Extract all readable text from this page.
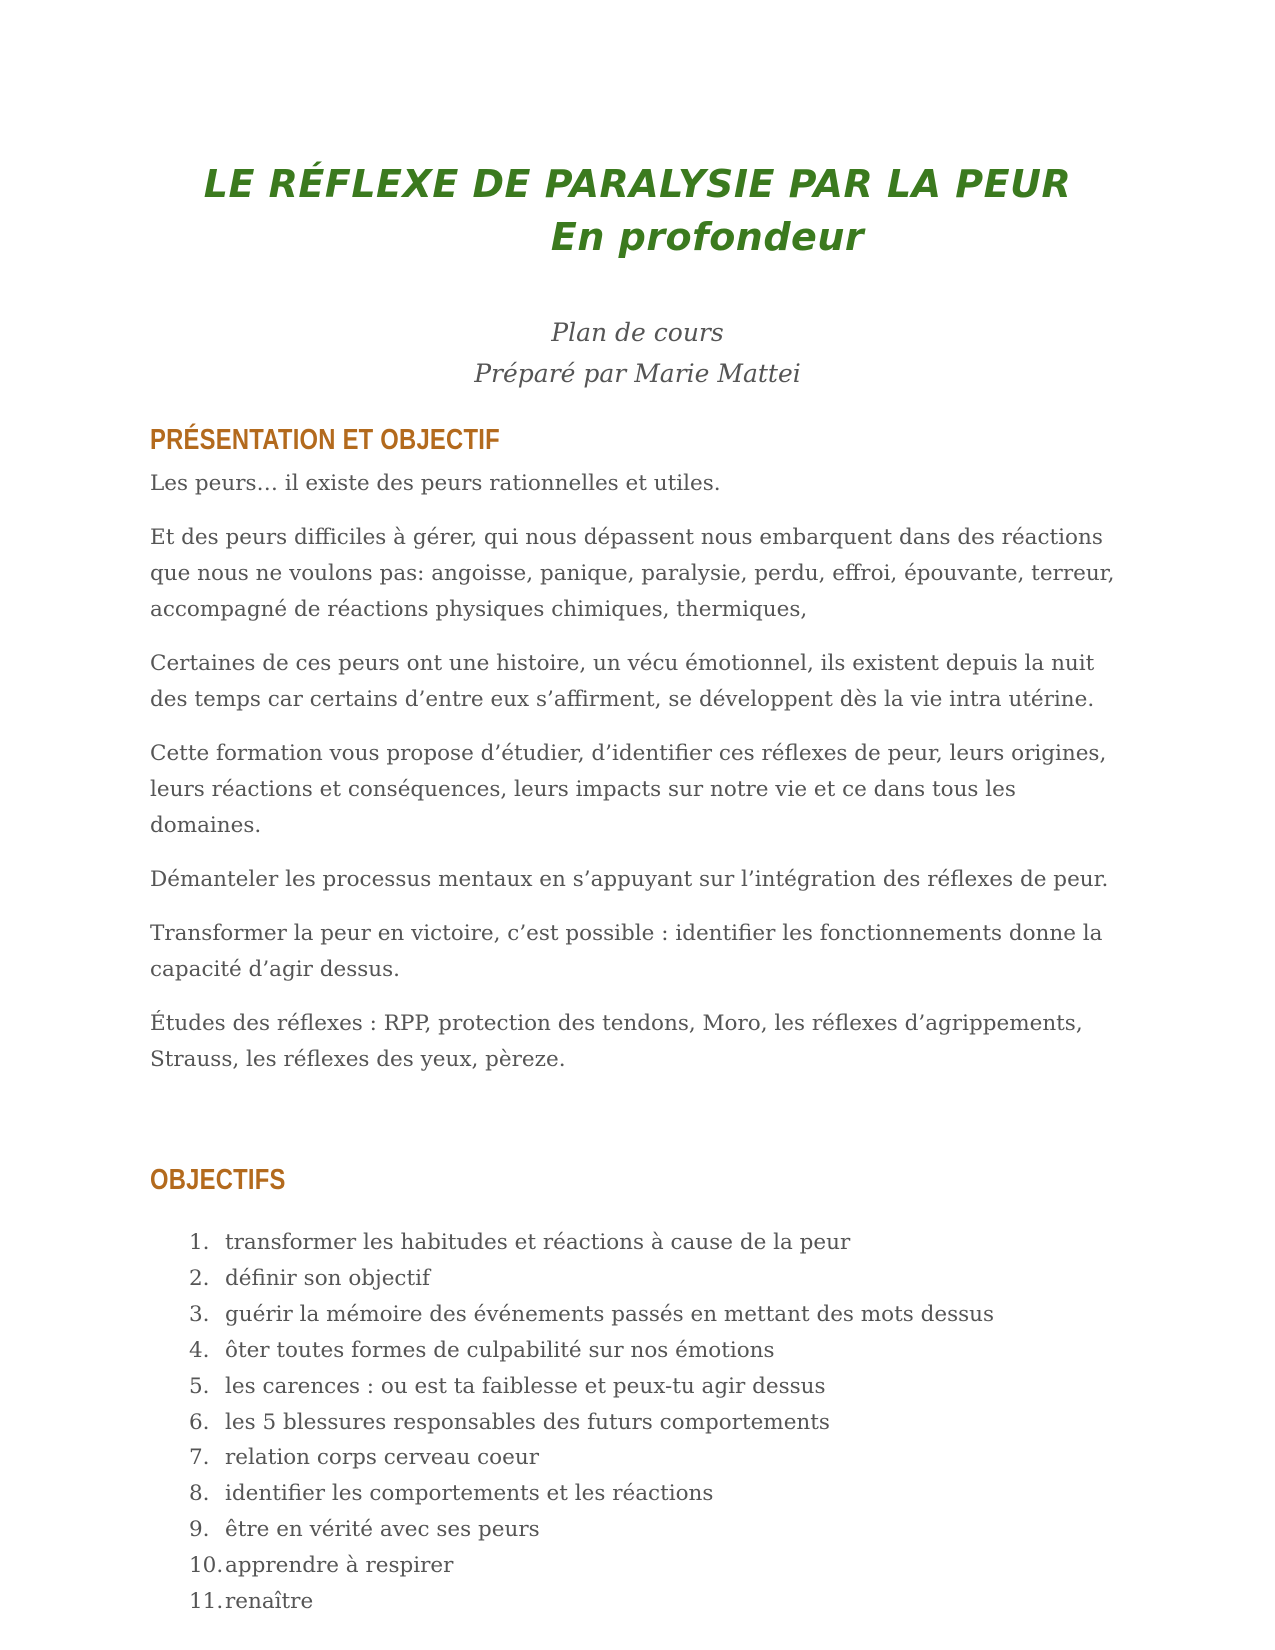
LE RÉFLEXE DE PARALYSIE PAR LA PEUR
En profondeur

Plan de cours

Préparé par Marie Mattei

PRÉSENTATION ET OBJECTIF

Les peurs… il existe des peurs rationnelles et utiles.

Et des peurs difficiles à gérer, qui nous dépassent nous embarquent dans des réactions que nous ne voulons pas: angoisse, panique, paralysie, perdu, effroi, épouvante, terreur, accompagné de réactions physiques chimiques, thermiques,

Certaines de ces peurs ont une histoire, un vécu émotionnel, ils existent depuis la nuit des temps car certains d’entre eux s’affirment, se développent dès la vie intra utérine.

Cette formation vous propose d’étudier, d’identifier ces réflexes de peur, leurs origines, leurs réactions et conséquences, leurs impacts sur notre vie et ce dans tous les domaines.

Démanteler les processus mentaux en s’appuyant sur l’intégration des réflexes de peur.

Transformer la peur en victoire, c’est possible : identifier les fonctionnements donne la capacité d’agir dessus.

Études des réflexes : RPP, protection des tendons, Moro, les réflexes d’agrippements, Strauss, les réflexes des yeux, pèreze.

OBJECTIFS
1. transformer les habitudes et réactions à cause de la peur
2. définir son objectif
3. guérir la mémoire des événements passés en mettant des mots dessus
4. ôter toutes formes de culpabilité sur nos émotions
5. les carences : ou est ta faiblesse et peux-tu agir dessus
6. les 5 blessures responsables des futurs comportements
7. relation corps cerveau coeur
8. identifier les comportements et les réactions
9. être en vérité avec ses peurs
10. apprendre à respirer
11. renaître
